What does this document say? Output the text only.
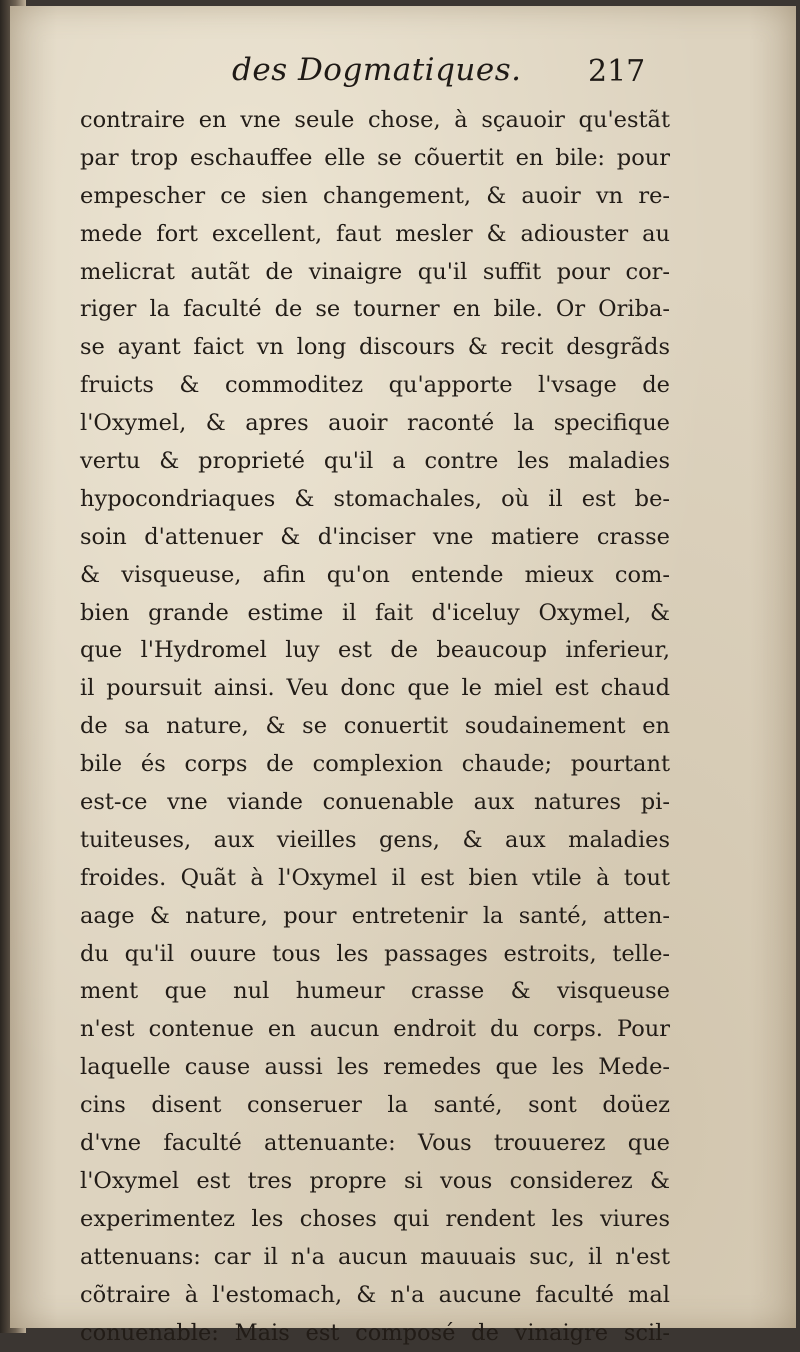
des Dogmatiques. 217
contraire en vne seule chose, à sçauoir qu'estãt
par trop eschauffee elle se cõuertit en bile: pour
empescher ce sien changement, & auoir vn re-
mede fort excellent, faut mesler & adiouster au
melicrat autãt de vinaigre qu'il suffit pour cor-
riger la faculté de se tourner en bile. Or Oriba-
se ayant faict vn long discours & recit desgrãds
fruicts & commoditez qu'apporte l'vsage de
l'Oxymel, & apres auoir raconté la specifique
vertu & proprieté qu'il a contre les maladies
hypocondriaques & stomachales, où il est be-
soin d'attenuer & d'inciser vne matiere crasse
& visqueuse, afin qu'on entende mieux com-
bien grande estime il fait d'iceluy Oxymel, &
que l'Hydromel luy est de beaucoup inferieur,
il poursuit ainsi. Veu donc que le miel est chaud
de sa nature, & se conuertit soudainement en
bile és corps de complexion chaude; pourtant
est-ce vne viande conuenable aux natures pi-
tuiteuses, aux vieilles gens, & aux maladies
froides. Quãt à l'Oxymel il est bien vtile à tout
aage & nature, pour entretenir la santé, atten-
du qu'il ouure tous les passages estroits, telle-
ment que nul humeur crasse & visqueuse
n'est contenue en aucun endroit du corps. Pour
laquelle cause aussi les remedes que les Mede-
cins disent conseruer la santé, sont doüez
d'vne faculté attenuante: Vous trouuerez que
l'Oxymel est tres propre si vous considerez &
experimentez les choses qui rendent les viures
attenuans: car il n'a aucun mauuais suc, il n'est
cõtraire à l'estomach, & n'a aucune faculté mal
conuenable: Mais est composé de vinaigre scil-
